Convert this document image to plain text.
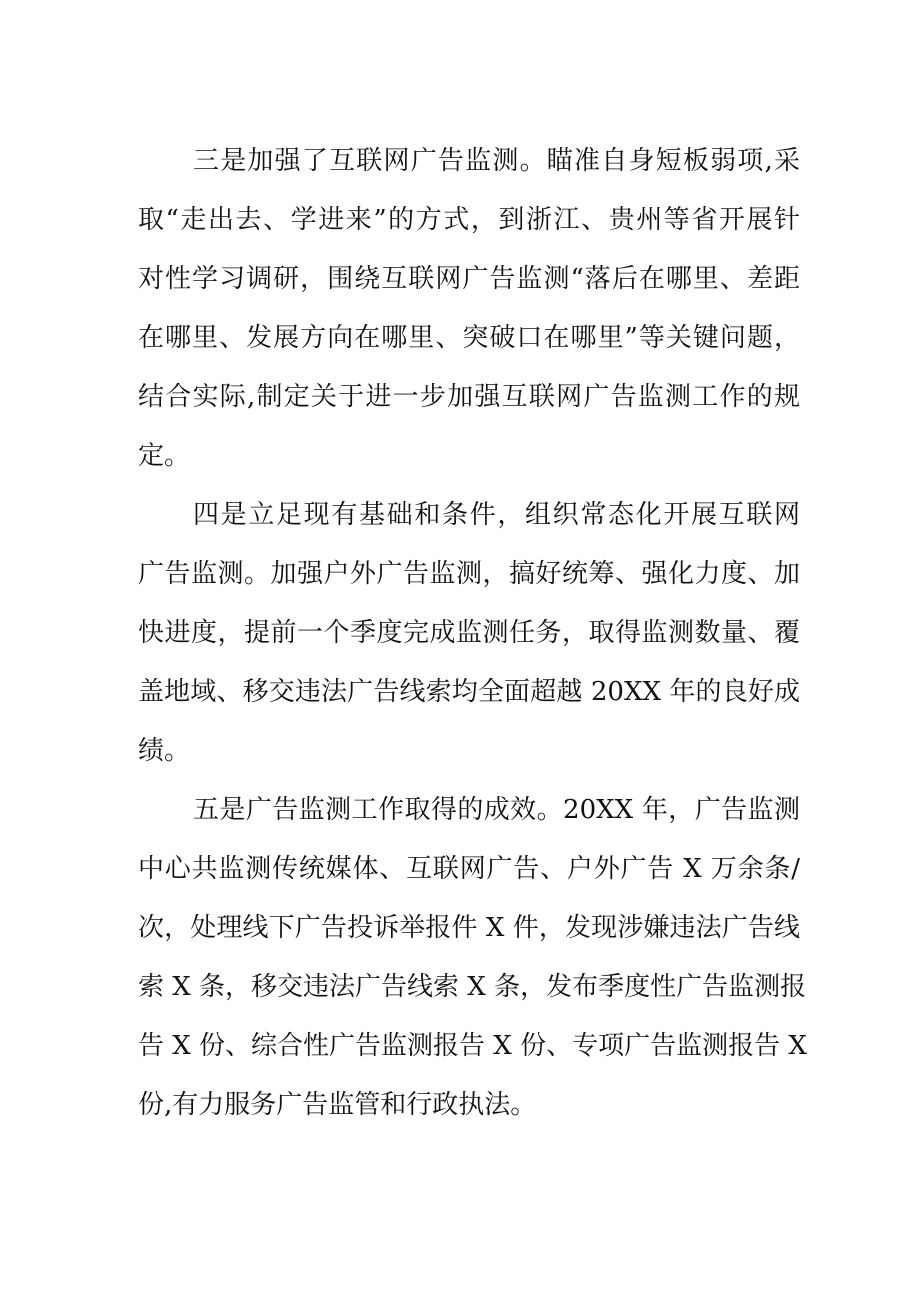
三是加强了互联网广告监测。瞄准自身短板弱项,采
取“走出去、学进来”的方式，到浙江、贵州等省开展针
对性学习调研，围绕互联网广告监测“落后在哪里、差距
在哪里、发展方向在哪里、突破口在哪里”等关键问题，
结合实际,制定关于进一步加强互联网广告监测工作的规
定。
四是立足现有基础和条件，组织常态化开展互联网
广告监测。加强户外广告监测，搞好统筹、强化力度、加
快进度，提前一个季度完成监测任务，取得监测数量、覆
盖地域、移交违法广告线索均全面超越 20XX 年的良好成
绩。
五是广告监测工作取得的成效。20XX 年，广告监测
中心共监测传统媒体、互联网广告、户外广告 X 万余条/
次，处理线下广告投诉举报件 X 件，发现涉嫌违法广告线
索 X 条，移交违法广告线索 X 条，发布季度性广告监测报
告 X 份、综合性广告监测报告 X 份、专项广告监测报告 X
份,有力服务广告监管和行政执法。
